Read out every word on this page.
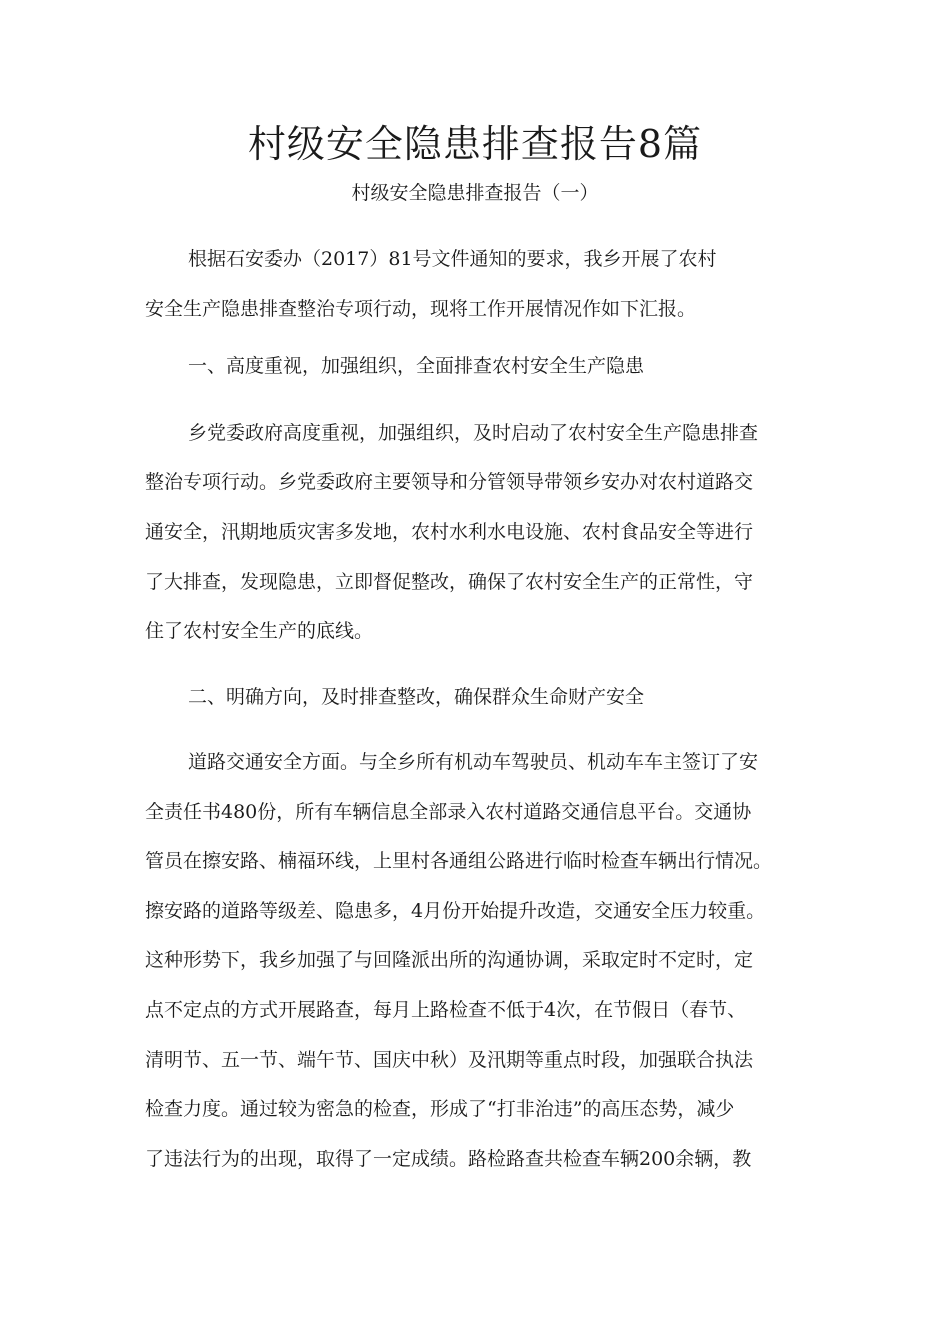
村级安全隐患排查报告8篇

村级安全隐患排查报告（一）

根据石安委办（2017）81号文件通知的要求，我乡开展了农村

安全生产隐患排查整治专项行动，现将工作开展情况作如下汇报。

一、高度重视，加强组织，全面排查农村安全生产隐患

乡党委政府高度重视，加强组织，及时启动了农村安全生产隐患排查

整治专项行动。乡党委政府主要领导和分管领导带领乡安办对农村道路交

通安全，汛期地质灾害多发地，农村水利水电设施、农村食品安全等进行

了大排查，发现隐患，立即督促整改，确保了农村安全生产的正常性，守

住了农村安全生产的底线。

二、明确方向，及时排查整改，确保群众生命财产安全

道路交通安全方面。与全乡所有机动车驾驶员、机动车车主签订了安

全责任书480份，所有车辆信息全部录入农村道路交通信息平台。交通协

管员在擦安路、楠福环线，上里村各通组公路进行临时检查车辆出行情况。

擦安路的道路等级差、隐患多，4月份开始提升改造，交通安全压力较重。

这种形势下，我乡加强了与回隆派出所的沟通协调，采取定时不定时，定

点不定点的方式开展路查，每月上路检查不低于4次，在节假日（春节、

清明节、五一节、端午节、国庆中秋）及汛期等重点时段，加强联合执法

检查力度。通过较为密急的检查，形成了“打非治违”的高压态势，减少

了违法行为的出现，取得了一定成绩。路检路查共检查车辆200余辆，教
